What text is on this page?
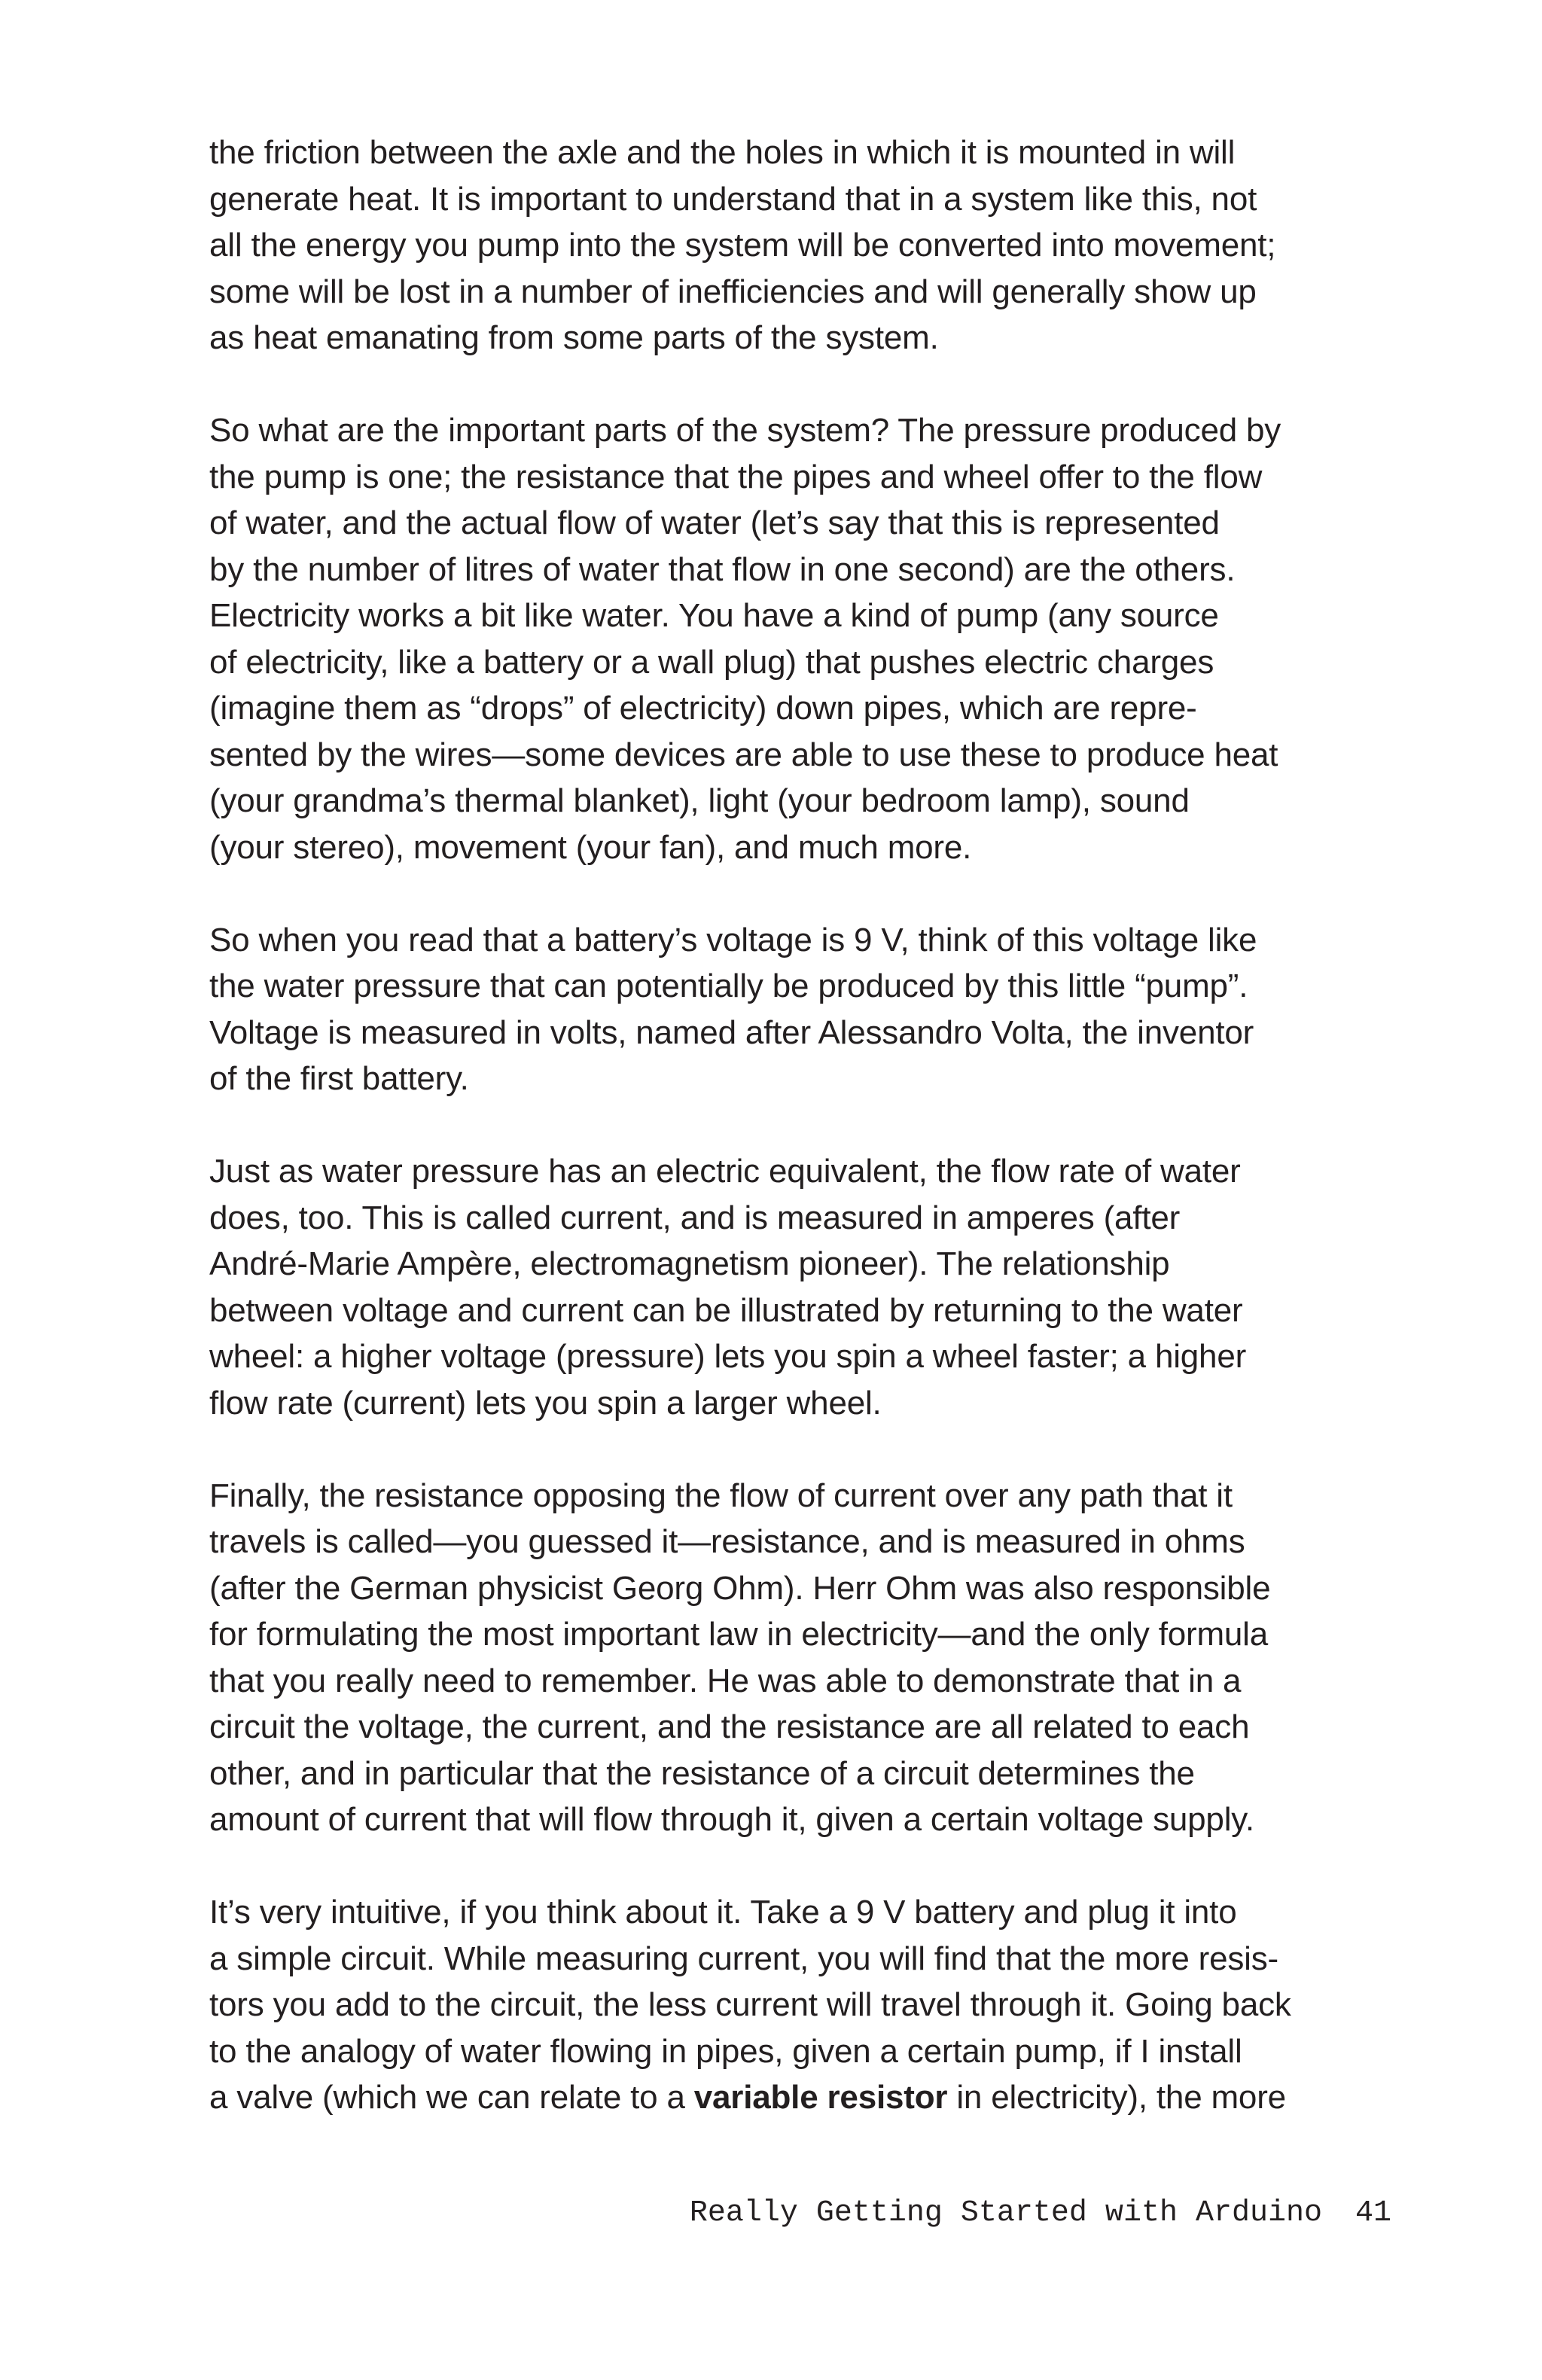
the friction between the axle and the holes in which it is mounted in will
generate heat. It is important to understand that in a system like this, not
all the energy you pump into the system will be converted into movement;
some will be lost in a number of inefficiencies and will generally show up
as heat emanating from some parts of the system.

So what are the important parts of the system? The pressure produced by
the pump is one; the resistance that the pipes and wheel offer to the flow
of water, and the actual flow of water (let’s say that this is represented
by the number of litres of water that flow in one second) are the others.
Electricity works a bit like water. You have a kind of pump (any source
of electricity, like a battery or a wall plug) that pushes electric charges
(imagine them as “drops” of electricity) down pipes, which are repre-
sented by the wires—some devices are able to use these to produce heat
(your grandma’s thermal blanket), light (your bedroom lamp), sound
(your stereo), movement (your fan), and much more.

So when you read that a battery’s voltage is 9 V, think of this voltage like
the water pressure that can potentially be produced by this little “pump”.
Voltage is measured in volts, named after Alessandro Volta, the inventor
of the first battery.

Just as water pressure has an electric equivalent, the flow rate of water
does, too. This is called current, and is measured in amperes (after
André-Marie Ampère, electromagnetism pioneer). The relationship
between voltage and current can be illustrated by returning to the water
wheel: a higher voltage (pressure) lets you spin a wheel faster; a higher
flow rate (current) lets you spin a larger wheel.

Finally, the resistance opposing the flow of current over any path that it
travels is called—you guessed it—resistance, and is measured in ohms
(after the German physicist Georg Ohm). Herr Ohm was also responsible
for formulating the most important law in electricity—and the only formula
that you really need to remember. He was able to demonstrate that in a
circuit the voltage, the current, and the resistance are all related to each
other, and in particular that the resistance of a circuit determines the
amount of current that will flow through it, given a certain voltage supply.

It’s very intuitive, if you think about it. Take a 9 V battery and plug it into
a simple circuit. While measuring current, you will find that the more resis-
tors you add to the circuit, the less current will travel through it. Going back
to the analogy of water flowing in pipes, given a certain pump, if I install
a valve (which we can relate to a variable resistor in electricity), the more

Really Getting Started with Arduino 41
